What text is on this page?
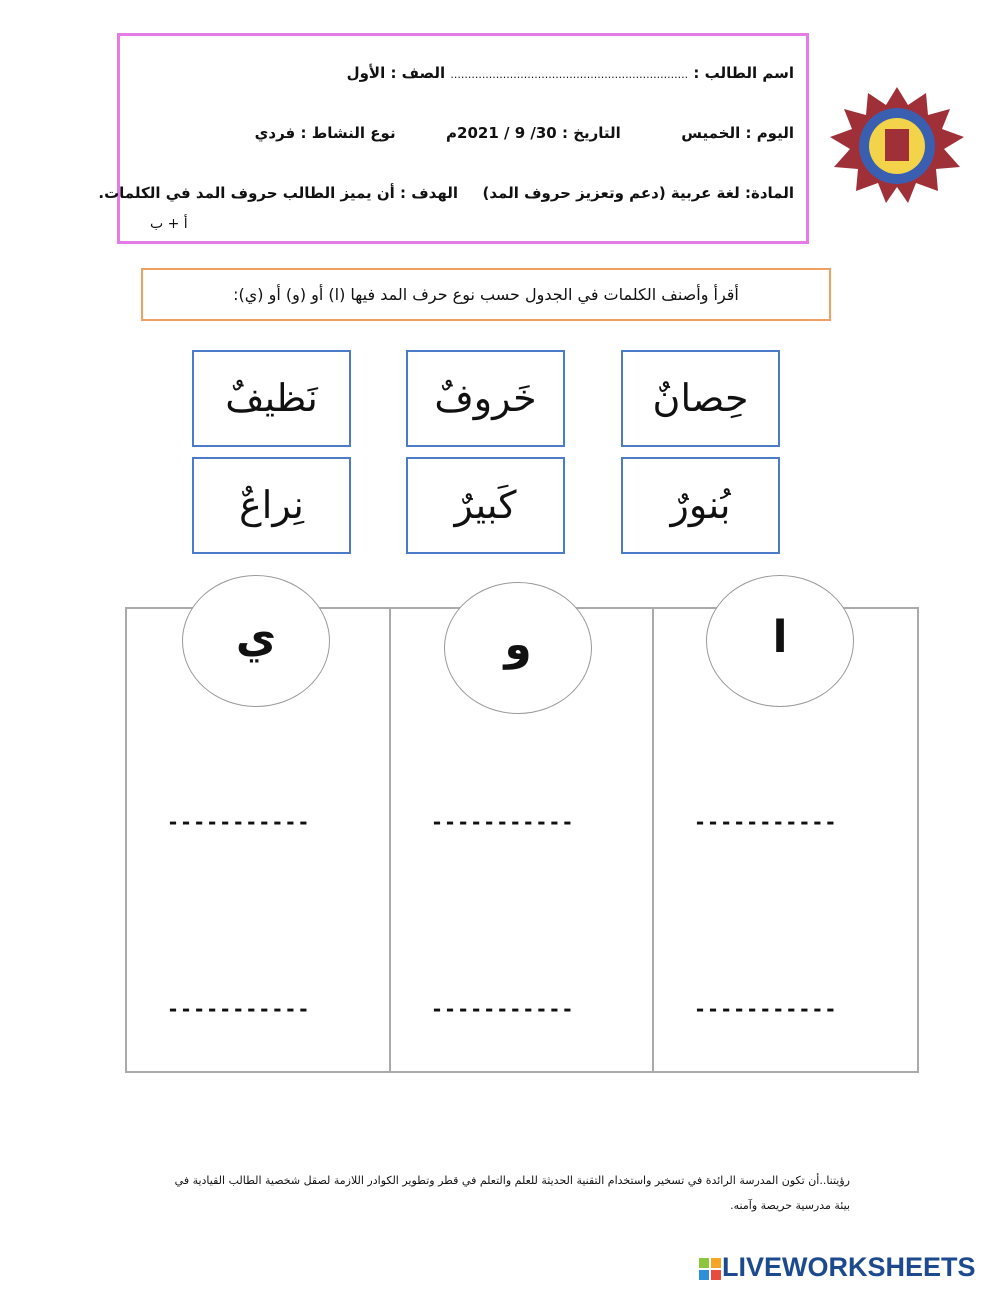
اسم الطالب : .................................................................... الصف : الأول
اليوم : الخميس  التاريخ : 30/ 9 / 2021م  نوع النشاط : فردي
المادة: لغة عربية (دعم وتعزيز حروف المد)  الهدف : أن يميز الطالب حروف المد في الكلمات.
أ + ب
أقرأ وأصنف الكلمات في الجدول حسب نوع حرف المد فيها (ا) أو (و) أو (ي):
حِصانٌ
خَروفٌ
نَظيفٌ
بُنورٌ
كَبيرٌ
نِراعٌ
ا
و
ي
-----------
-----------
-----------
-----------
-----------
-----------
رؤيتنا..أن تكون المدرسة الرائدة في تسخير واستخدام التقنية الحديثة للعلم والتعلم في قطر وتطوير الكوادر اللازمة لصقل شخصية الطالب القيادية في بيئة مدرسية حريصة وآمنه.
LIVEWORKSHEETS
